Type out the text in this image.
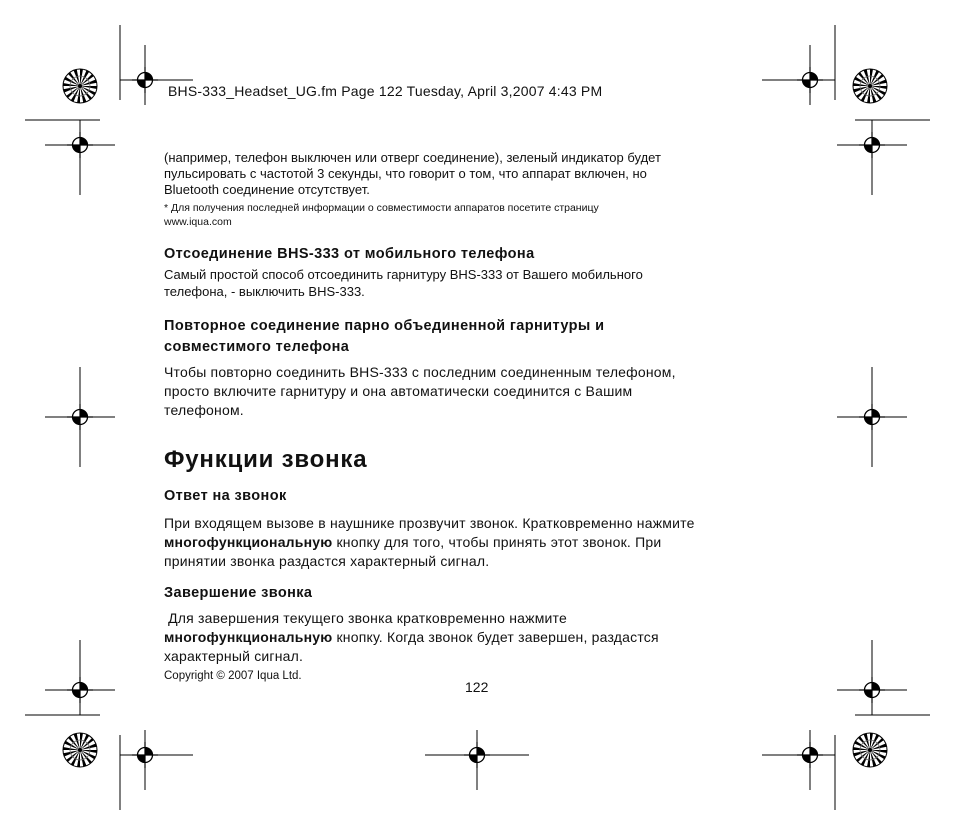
BHS-333_Headset_UG.fm Page 122 Tuesday, April 3,2007 4:43 PM
(например, телефон выключен или отверг соединение), зеленый индикатор будет
пульсировать с частотой 3 секунды, что говорит о том, что аппарат включен, но
Bluetooth соединение отсутствует.
* Для получения последней информации о совместимости аппаратов посетите страницу
www.iqua.com
Отсоединение BHS-333 от мобильного телефона
Самый простой способ отсоединить гарнитуру BHS-333 от Вашего мобильного
телефона, - выключить BHS-333.
Повторное соединение парно объединенной гарнитуры и
совместимого телефона
Чтобы повторно соединить BHS-333 с последним соединенным телефоном,
просто включите гарнитуру и она автоматически соединится с Вашим
телефоном.
Функции звонка
Ответ на звонок
При входящем вызове в наушнике прозвучит звонок. Кратковременно нажмите
многофункциональную кнопку для того, чтобы принять этот звонок. При
принятии звонка раздастся характерный сигнал.
Завершение звонка
Для завершения текущего звонка кратковременно нажмите
многофункциональную кнопку. Когда звонок будет завершен, раздастся
характерный сигнал.
Copyright © 2007 Iqua Ltd.
122
